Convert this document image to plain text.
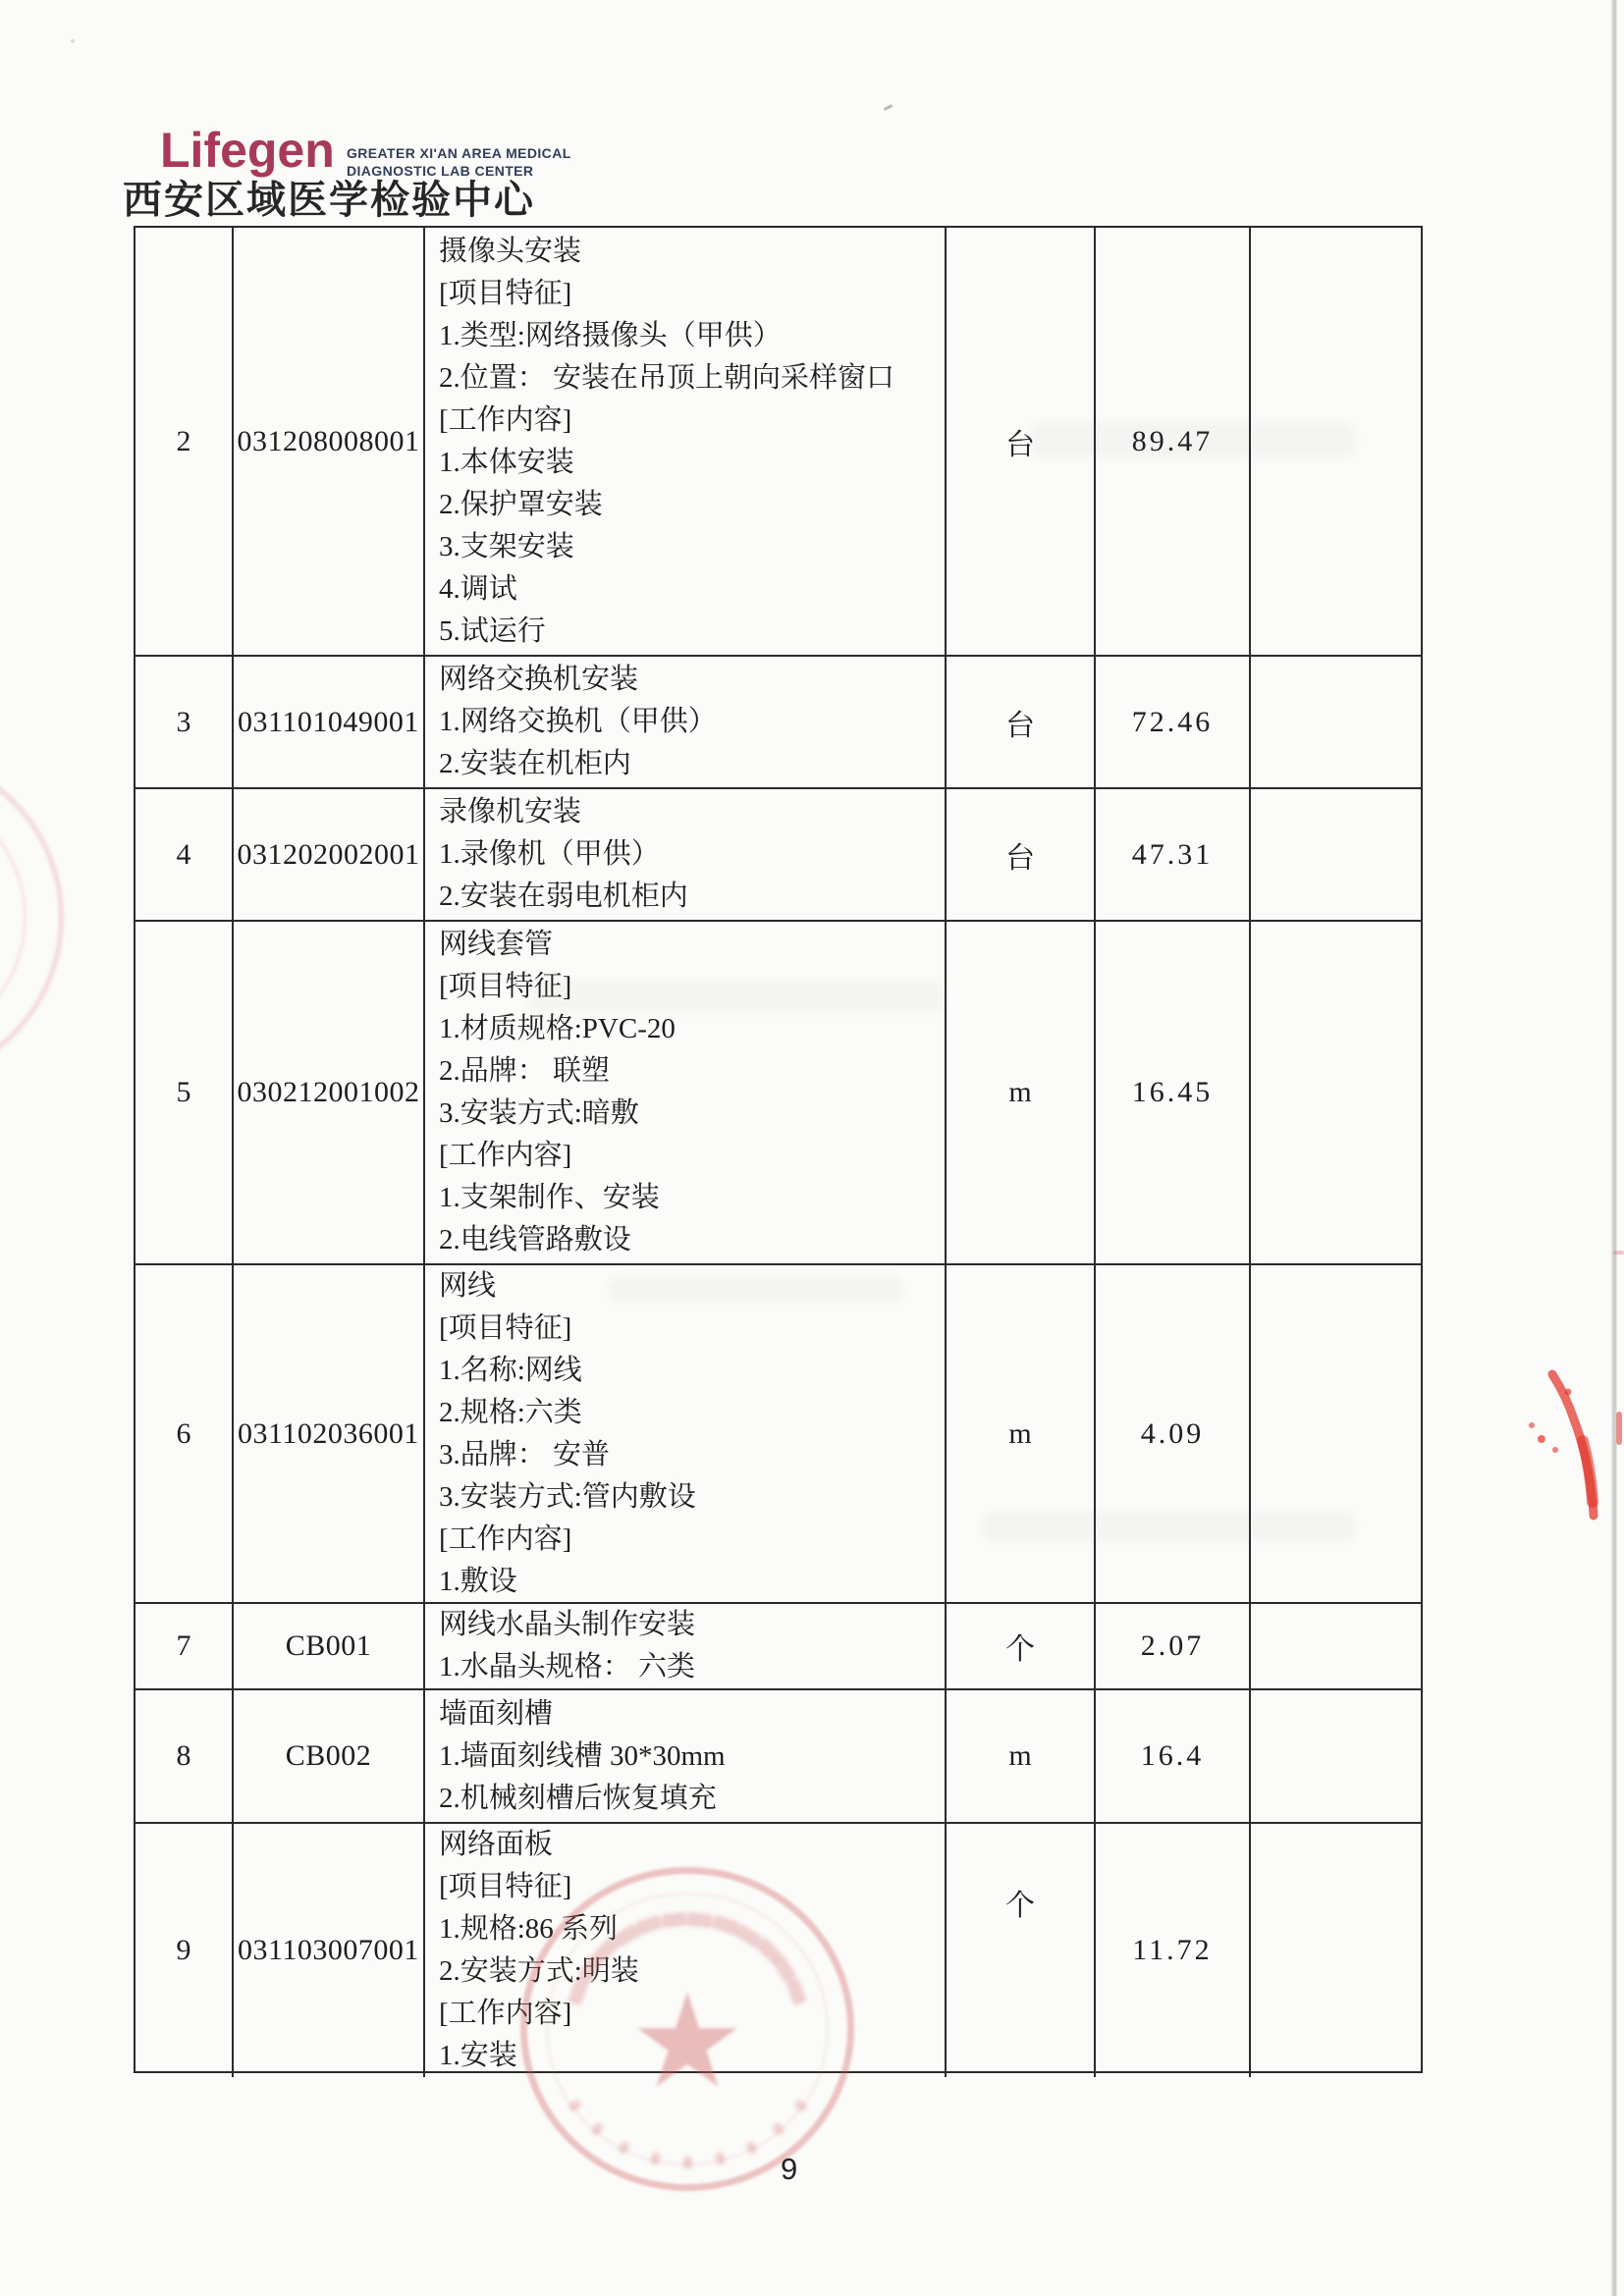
Lifegen GREATER XI'AN AREA MEDICAL
DIAGNOSTIC LAB CENTER
西安区域医学检验中心
2	031208008001
摄像头安装
[项目特征]
1.类型:网络摄像头（甲供）
2.位置： 安装在吊顶上朝向采样窗口
[工作内容]
1.本体安装
2.保护罩安装
3.支架安装
4.调试
5.试运行
台	89.47
3	031101049001
网络交换机安装
1.网络交换机（甲供）
2.安装在机柜内
台	72.46
4	031202002001
录像机安装
1.录像机（甲供）
2.安装在弱电机柜内
台	47.31
5	030212001002
网线套管
[项目特征]
1.材质规格:PVC-20
2.品牌： 联塑
3.安装方式:暗敷
[工作内容]
1.支架制作、安装
2.电线管路敷设
m	16.45
6	031102036001
网线
[项目特征]
1.名称:网线
2.规格:六类
3.品牌： 安普
3.安装方式:管内敷设
[工作内容]
1.敷设
m	4.09
7	CB001
网线水晶头制作安装
1.水晶头规格： 六类
个	2.07
8	CB002
墙面刻槽
1.墙面刻线槽 30*30mm
2.机械刻槽后恢复填充
m	16.4
9	031103007001
网络面板
[项目特征]
1.规格:86 系列
2.安装方式:明装
[工作内容]
1.安装
个
11.72
9
★
